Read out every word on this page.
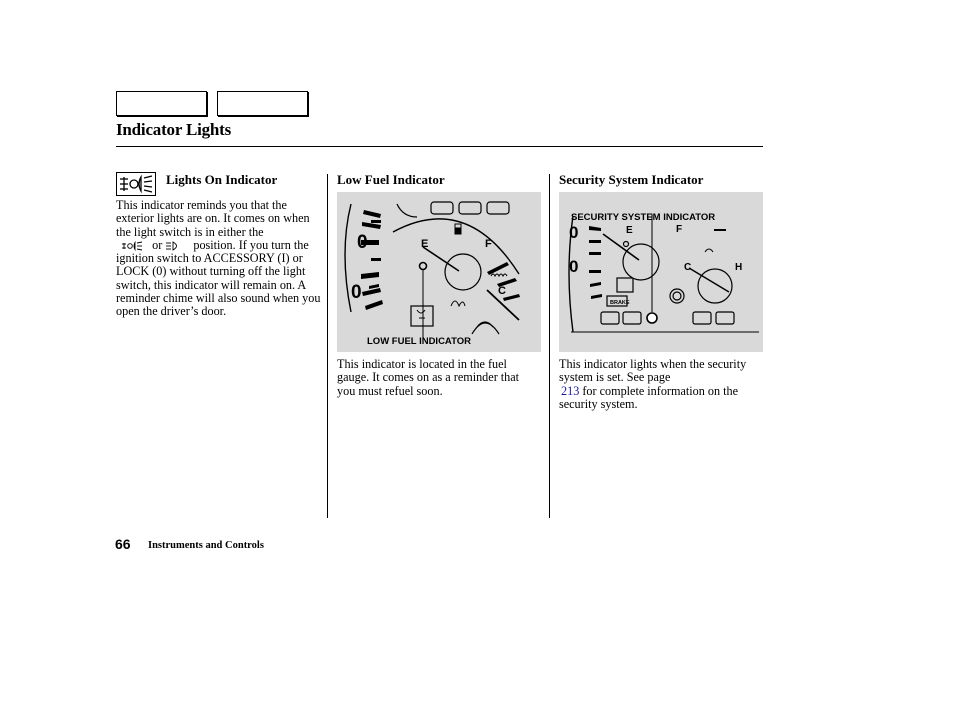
Indicator Lights
Lights On Indicator
This indicator reminds you that the exterior lights are on. It comes on when the light switch is in either the
or	position. If you turn the ignition switch to ACCESSORY (I) or LOCK (0) without turning off the light switch, this indicator will remain on. A reminder chime will also sound when you open the driver’s door.
Low Fuel Indicator
0
0
E	F
C
LOW FUEL INDICATOR
This indicator is located in the fuel gauge. It comes on as a reminder that you must refuel soon.
Security System Indicator
BRAKE
SECURITY SYSTEM INDICATOR
0
0
E	F
C	H
This indicator lights when the security system is set. See page
213 for complete information on the security system.
66 Instruments and Controls
